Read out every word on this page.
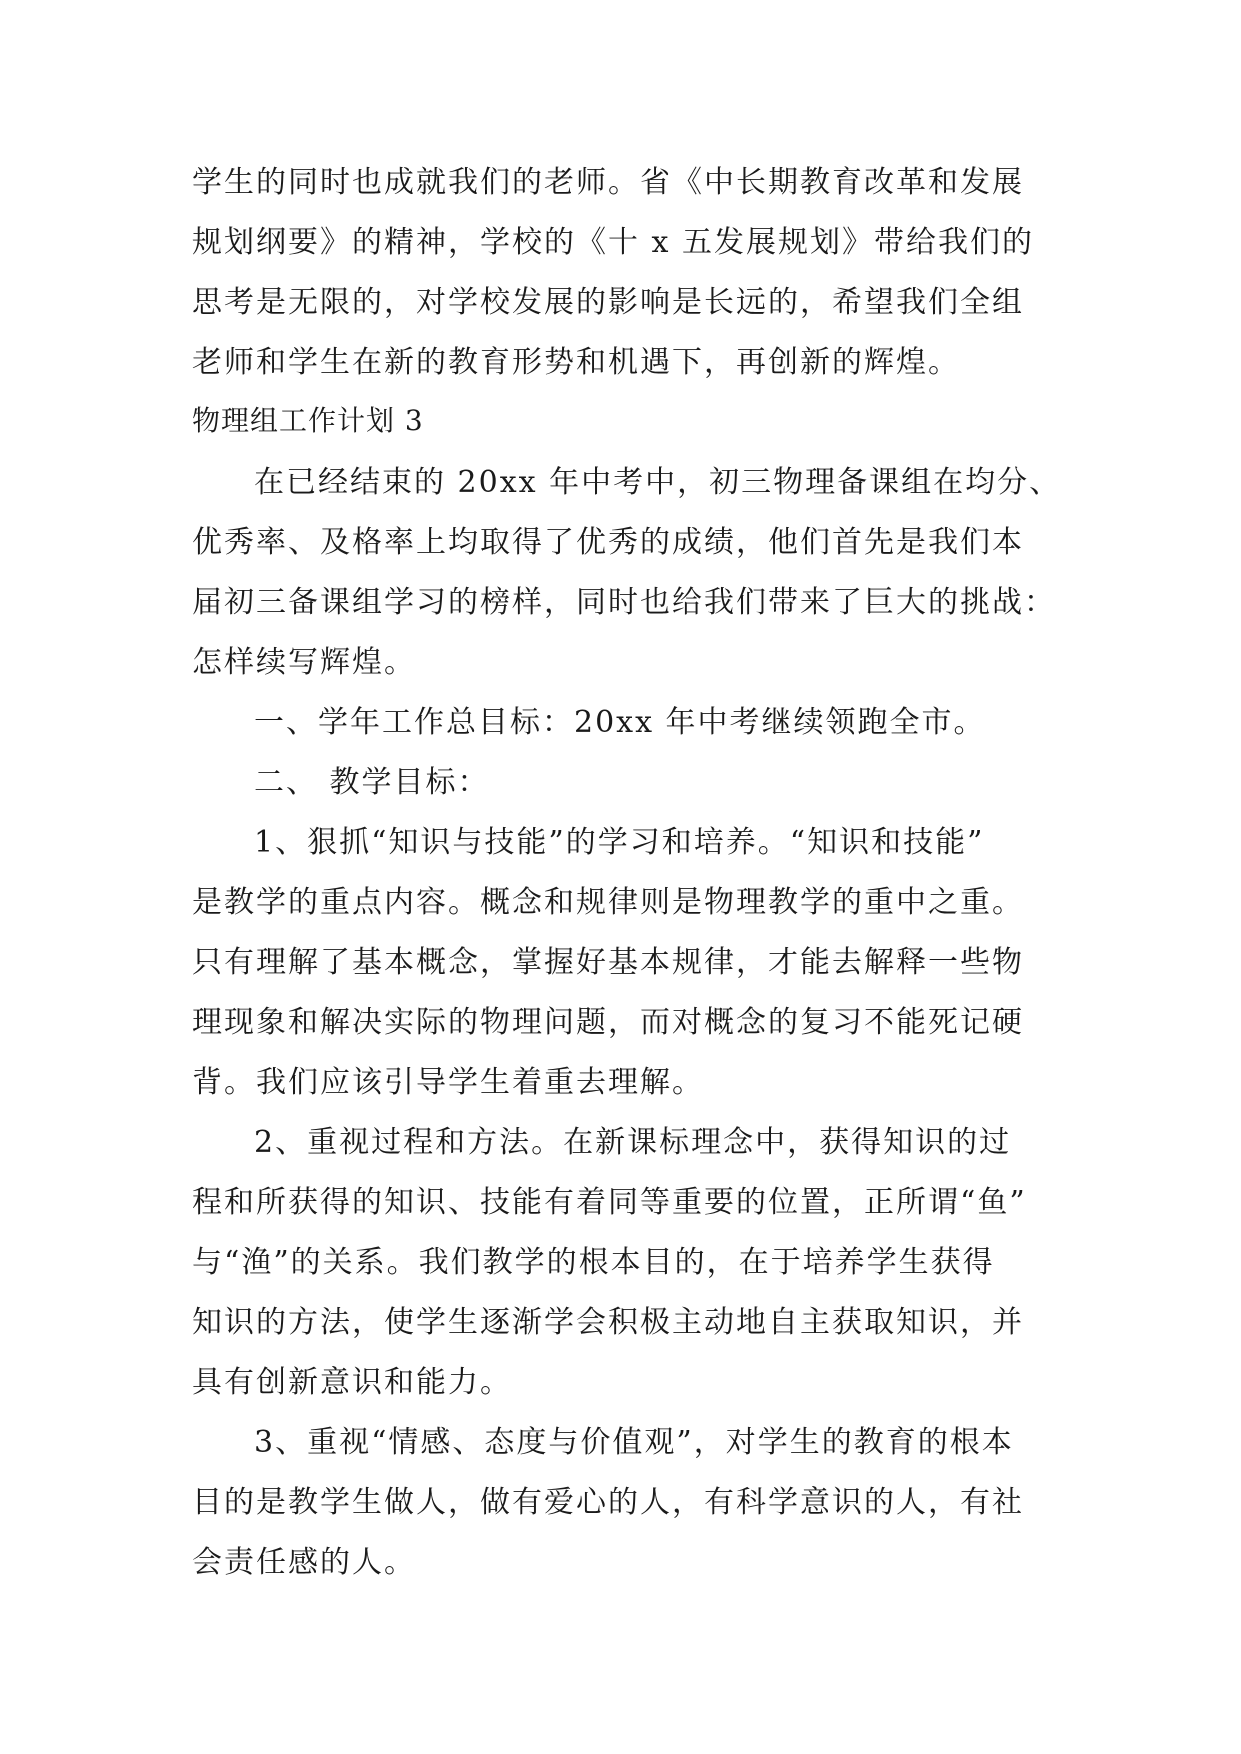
学生的同时也成就我们的老师。省《中长期教育改革和发展
规划纲要》的精神，学校的《十 x 五发展规划》带给我们的
思考是无限的，对学校发展的影响是长远的，希望我们全组
老师和学生在新的教育形势和机遇下，再创新的辉煌。
物理组工作计划 3
在已经结束的 20xx 年中考中，初三物理备课组在均分、
优秀率、及格率上均取得了优秀的成绩，他们首先是我们本
届初三备课组学习的榜样，同时也给我们带来了巨大的挑战：
怎样续写辉煌。
一、学年工作总目标：20xx 年中考继续领跑全市。
二、 教学目标：
1、狠抓“知识与技能”的学习和培养。“知识和技能”
是教学的重点内容。概念和规律则是物理教学的重中之重。
只有理解了基本概念，掌握好基本规律，才能去解释一些物
理现象和解决实际的物理问题，而对概念的复习不能死记硬
背。我们应该引导学生着重去理解。
2、重视过程和方法。在新课标理念中，获得知识的过
程和所获得的知识、技能有着同等重要的位置，正所谓“鱼”
与“渔”的关系。我们教学的根本目的，在于培养学生获得
知识的方法，使学生逐渐学会积极主动地自主获取知识，并
具有创新意识和能力。
3、重视“情感、态度与价值观”，对学生的教育的根本
目的是教学生做人，做有爱心的人，有科学意识的人，有社
会责任感的人。
